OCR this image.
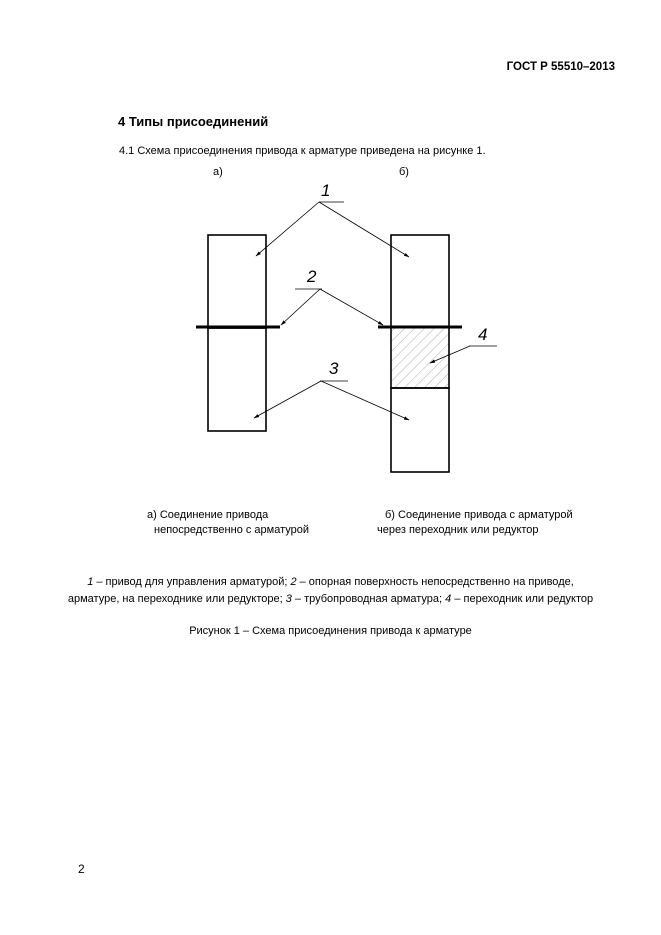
ГОСТ Р 55510–2013
4 Типы присоединений
4.1 Схема присоединения привода к арматуре приведена на рисунке 1.
а)	б)
1
2
3
4
а) Соединение привода
непосредственно с арматурой
б) Соединение привода с арматурой
через переходник или редуктор
1 – привод для управления арматурой; 2 – опорная поверхность непосредственно на приводе,
арматуре, на переходнике или редукторе; 3 – трубопроводная арматура; 4 – переходник или редуктор
Рисунок 1 – Схема присоединения привода к арматуре
2
